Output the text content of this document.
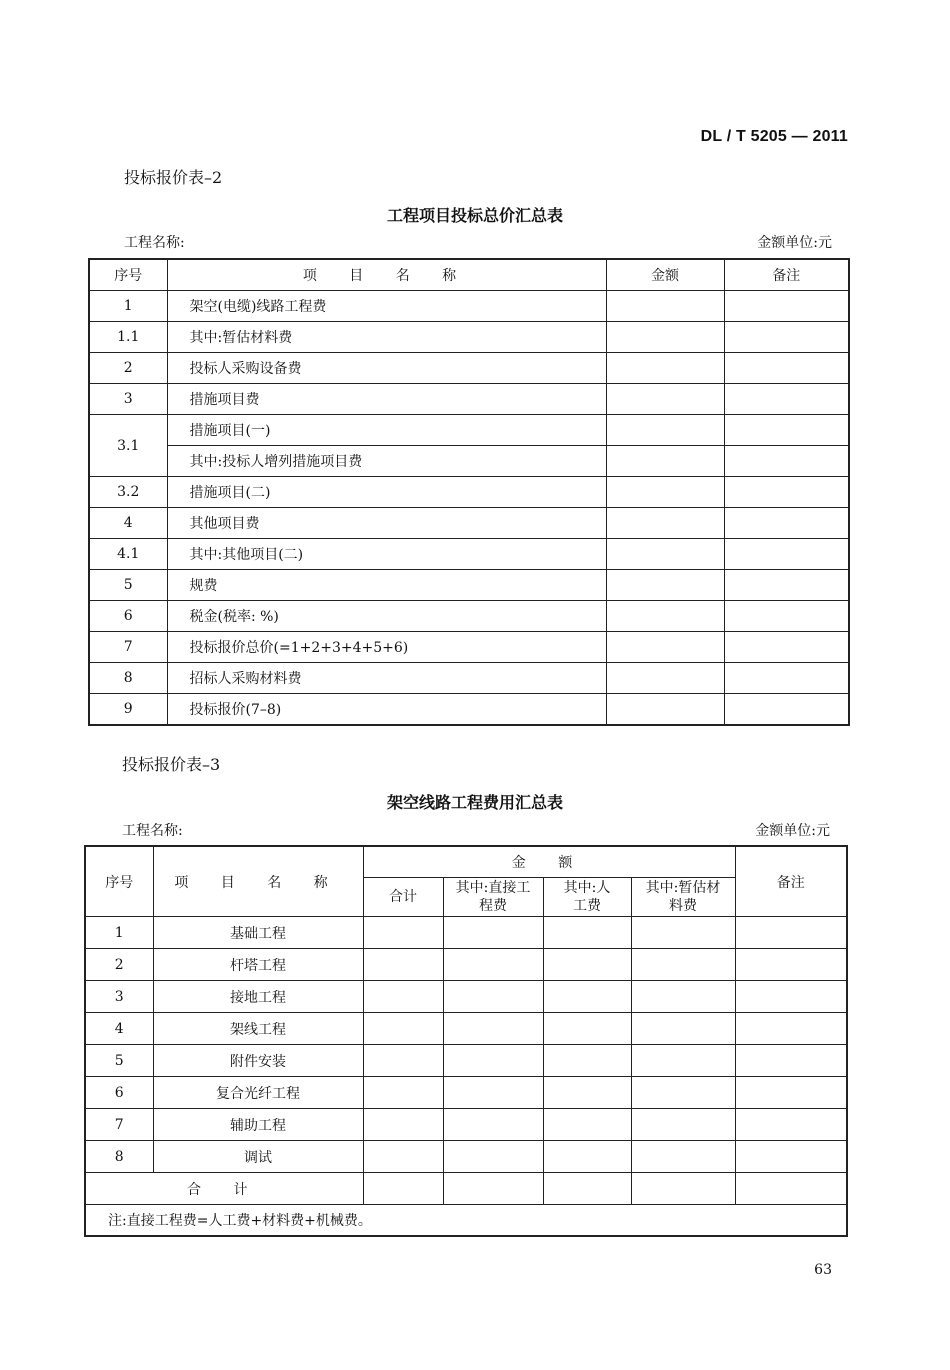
DL / T 5205 — 2011
投标报价表–2
工程项目投标总价汇总表
工程名称:	金额单位:元
序号	项 目 名 称	金额	备注
1	架空(电缆)线路工程费		
1.1	其中:暂估材料费		
2	投标人采购设备费		
3	措施项目费		
3.1	措施项目(一)		
	其中:投标人增列措施项目费		
3.2	措施项目(二)		
4	其他项目费		
4.1	其中:其他项目(二)		
5	规费		
6	税金(税率: %)		
7	投标报价总价(=1+2+3+4+5+6)		
8	招标人采购材料费		
9	投标报价(7–8)		
投标报价表–3
架空线路工程费用汇总表
工程名称:	金额单位:元
序号	项 目 名 称	金 额				备注
		合计	其中:直接工程费	其中:人工费	其中:暂估材料费	
1	基础工程					
2	杆塔工程					
3	接地工程					
4	架线工程					
5	附件安装					
6	复合光纤工程					
7	辅助工程					
8	调试					
合 计						
注:直接工程费=人工费+材料费+机械费。						
63
